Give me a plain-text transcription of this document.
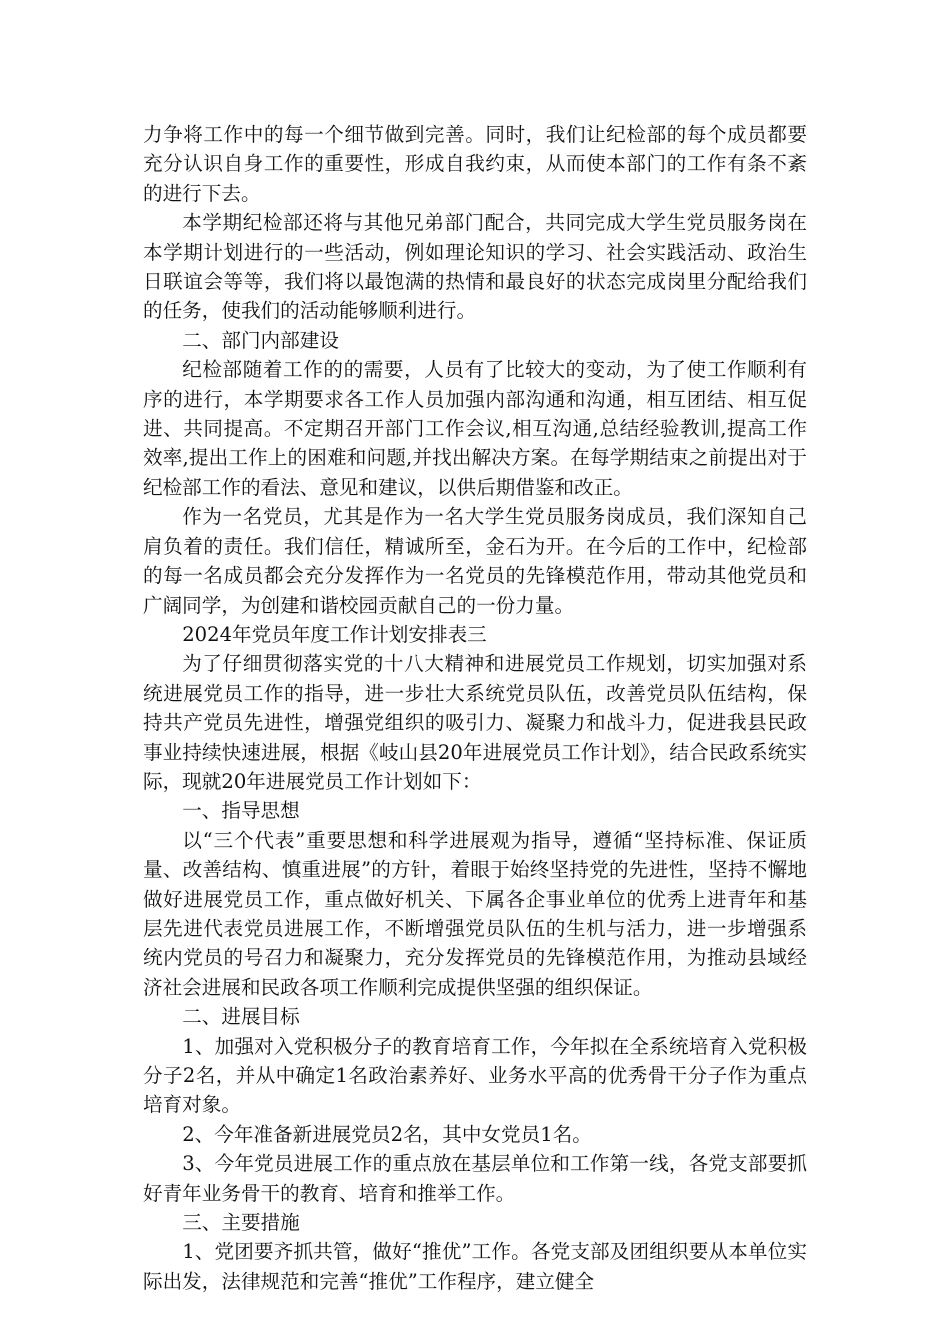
力争将工作中的每一个细节做到完善。同时，我们让纪检部的每个成员都要充分认识自身工作的重要性，形成自我约束，从而使本部门的工作有条不紊的进行下去。

本学期纪检部还将与其他兄弟部门配合，共同完成大学生党员服务岗在本学期计划进行的一些活动，例如理论知识的学习、社会实践活动、政治生日联谊会等等，我们将以最饱满的热情和最良好的状态完成岗里分配给我们的任务，使我们的活动能够顺利进行。

二、部门内部建设

纪检部随着工作的的需要，人员有了比较大的变动，为了使工作顺利有序的进行，本学期要求各工作人员加强内部沟通和沟通，相互团结、相互促进、共同提高。不定期召开部门工作会议,相互沟通,总结经验教训,提高工作效率,提出工作上的困难和问题,并找出解决方案。在每学期结束之前提出对于纪检部工作的看法、意见和建议，以供后期借鉴和改正。

作为一名党员，尤其是作为一名大学生党员服务岗成员，我们深知自己肩负着的责任。我们信任，精诚所至，金石为开。在今后的工作中，纪检部的每一名成员都会充分发挥作为一名党员的先锋模范作用，带动其他党员和广阔同学，为创建和谐校园贡献自己的一份力量。

2024年党员年度工作计划安排表三

为了仔细贯彻落实党的十八大精神和进展党员工作规划，切实加强对系统进展党员工作的指导，进一步壮大系统党员队伍，改善党员队伍结构，保持共产党员先进性，增强党组织的吸引力、凝聚力和战斗力，促进我县民政事业持续快速进展，根据《岐山县20年进展党员工作计划》，结合民政系统实际，现就20年进展党员工作计划如下：

一、指导思想

以“三个代表”重要思想和科学进展观为指导，遵循“坚持标准、保证质量、改善结构、慎重进展”的方针，着眼于始终坚持党的先进性，坚持不懈地做好进展党员工作，重点做好机关、下属各企事业单位的优秀上进青年和基层先进代表党员进展工作，不断增强党员队伍的生机与活力，进一步增强系统内党员的号召力和凝聚力，充分发挥党员的先锋模范作用，为推动县域经济社会进展和民政各项工作顺利完成提供坚强的组织保证。

二、进展目标

1、加强对入党积极分子的教育培育工作，今年拟在全系统培育入党积极分子2名，并从中确定1名政治素养好、业务水平高的优秀骨干分子作为重点培育对象。

2、今年准备新进展党员2名，其中女党员1名。

3、今年党员进展工作的重点放在基层单位和工作第一线，各党支部要抓好青年业务骨干的教育、培育和推举工作。

三、主要措施

1、党团要齐抓共管，做好“推优”工作。各党支部及团组织要从本单位实际出发，法律规范和完善“推优”工作程序，建立健全
